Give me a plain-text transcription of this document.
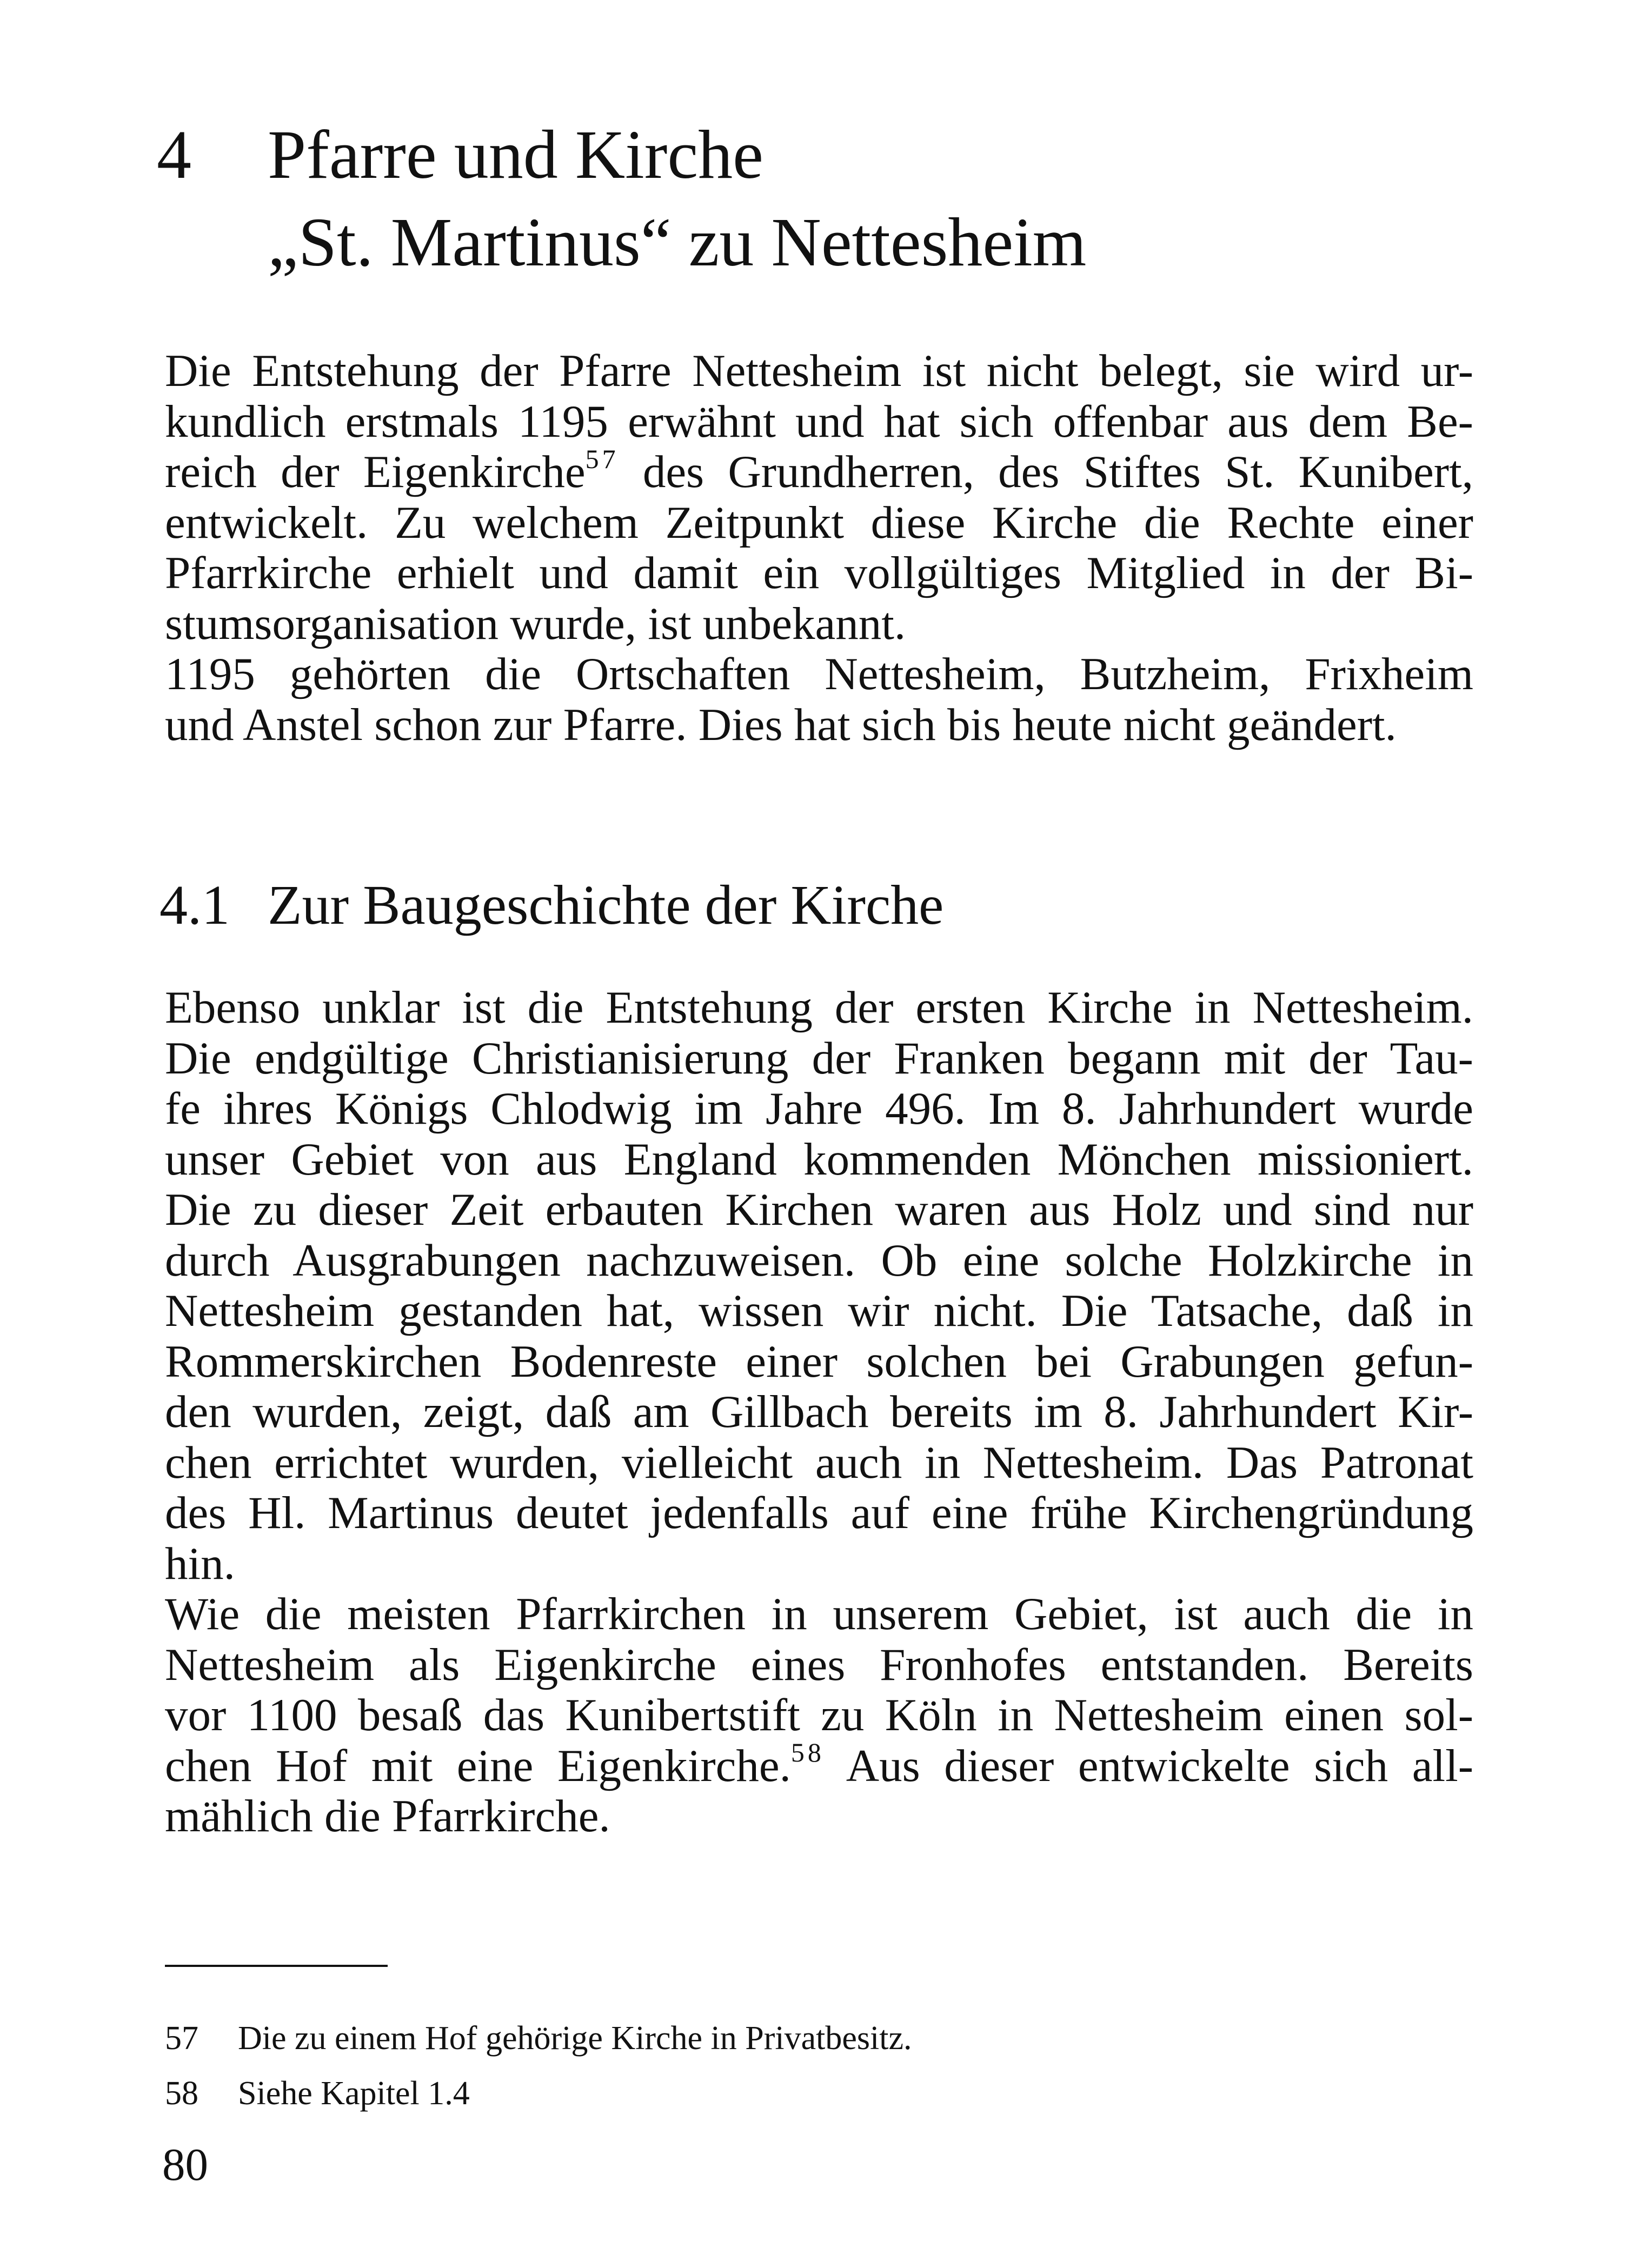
4 Pfarre und Kirche
„St. Martinus“ zu Nettesheim
Die Entstehung der Pfarre Nettesheim ist nicht belegt, sie wird ur-
kundlich erstmals 1195 erwähnt und hat sich offenbar aus dem Be-
reich der Eigenkirche$^{57}$ des Grundherren, des Stiftes St. Kunibert,
entwickelt. Zu welchem Zeitpunkt diese Kirche die Rechte einer
Pfarrkirche erhielt und damit ein vollgültiges Mitglied in der Bi-
stumsorganisation wurde, ist unbekannt.
1195 gehörten die Ortschaften Nettesheim, Butzheim, Frixheim
und Anstel schon zur Pfarre. Dies hat sich bis heute nicht geändert.
4.1 Zur Baugeschichte der Kirche
Ebenso unklar ist die Entstehung der ersten Kirche in Nettesheim.
Die endgültige Christianisierung der Franken begann mit der Tau-
fe ihres Königs Chlodwig im Jahre 496. Im 8. Jahrhundert wurde
unser Gebiet von aus England kommenden Mönchen missioniert.
Die zu dieser Zeit erbauten Kirchen waren aus Holz und sind nur
durch Ausgrabungen nachzuweisen. Ob eine solche Holzkirche in
Nettesheim gestanden hat, wissen wir nicht. Die Tatsache, daß in
Rommerskirchen Bodenreste einer solchen bei Grabungen gefun-
den wurden, zeigt, daß am Gillbach bereits im 8. Jahrhundert Kir-
chen errichtet wurden, vielleicht auch in Nettesheim. Das Patronat
des Hl. Martinus deutet jedenfalls auf eine frühe Kirchengründung
hin.
Wie die meisten Pfarrkirchen in unserem Gebiet, ist auch die in
Nettesheim als Eigenkirche eines Fronhofes entstanden. Bereits
vor 1100 besaß das Kunibertstift zu Köln in Nettesheim einen sol-
chen Hof mit eine Eigenkirche.$^{58}$ Aus dieser entwickelte sich all-
mählich die Pfarrkirche.
57 Die zu einem Hof gehörige Kirche in Privatbesitz.
58 Siehe Kapitel 1.4
80
